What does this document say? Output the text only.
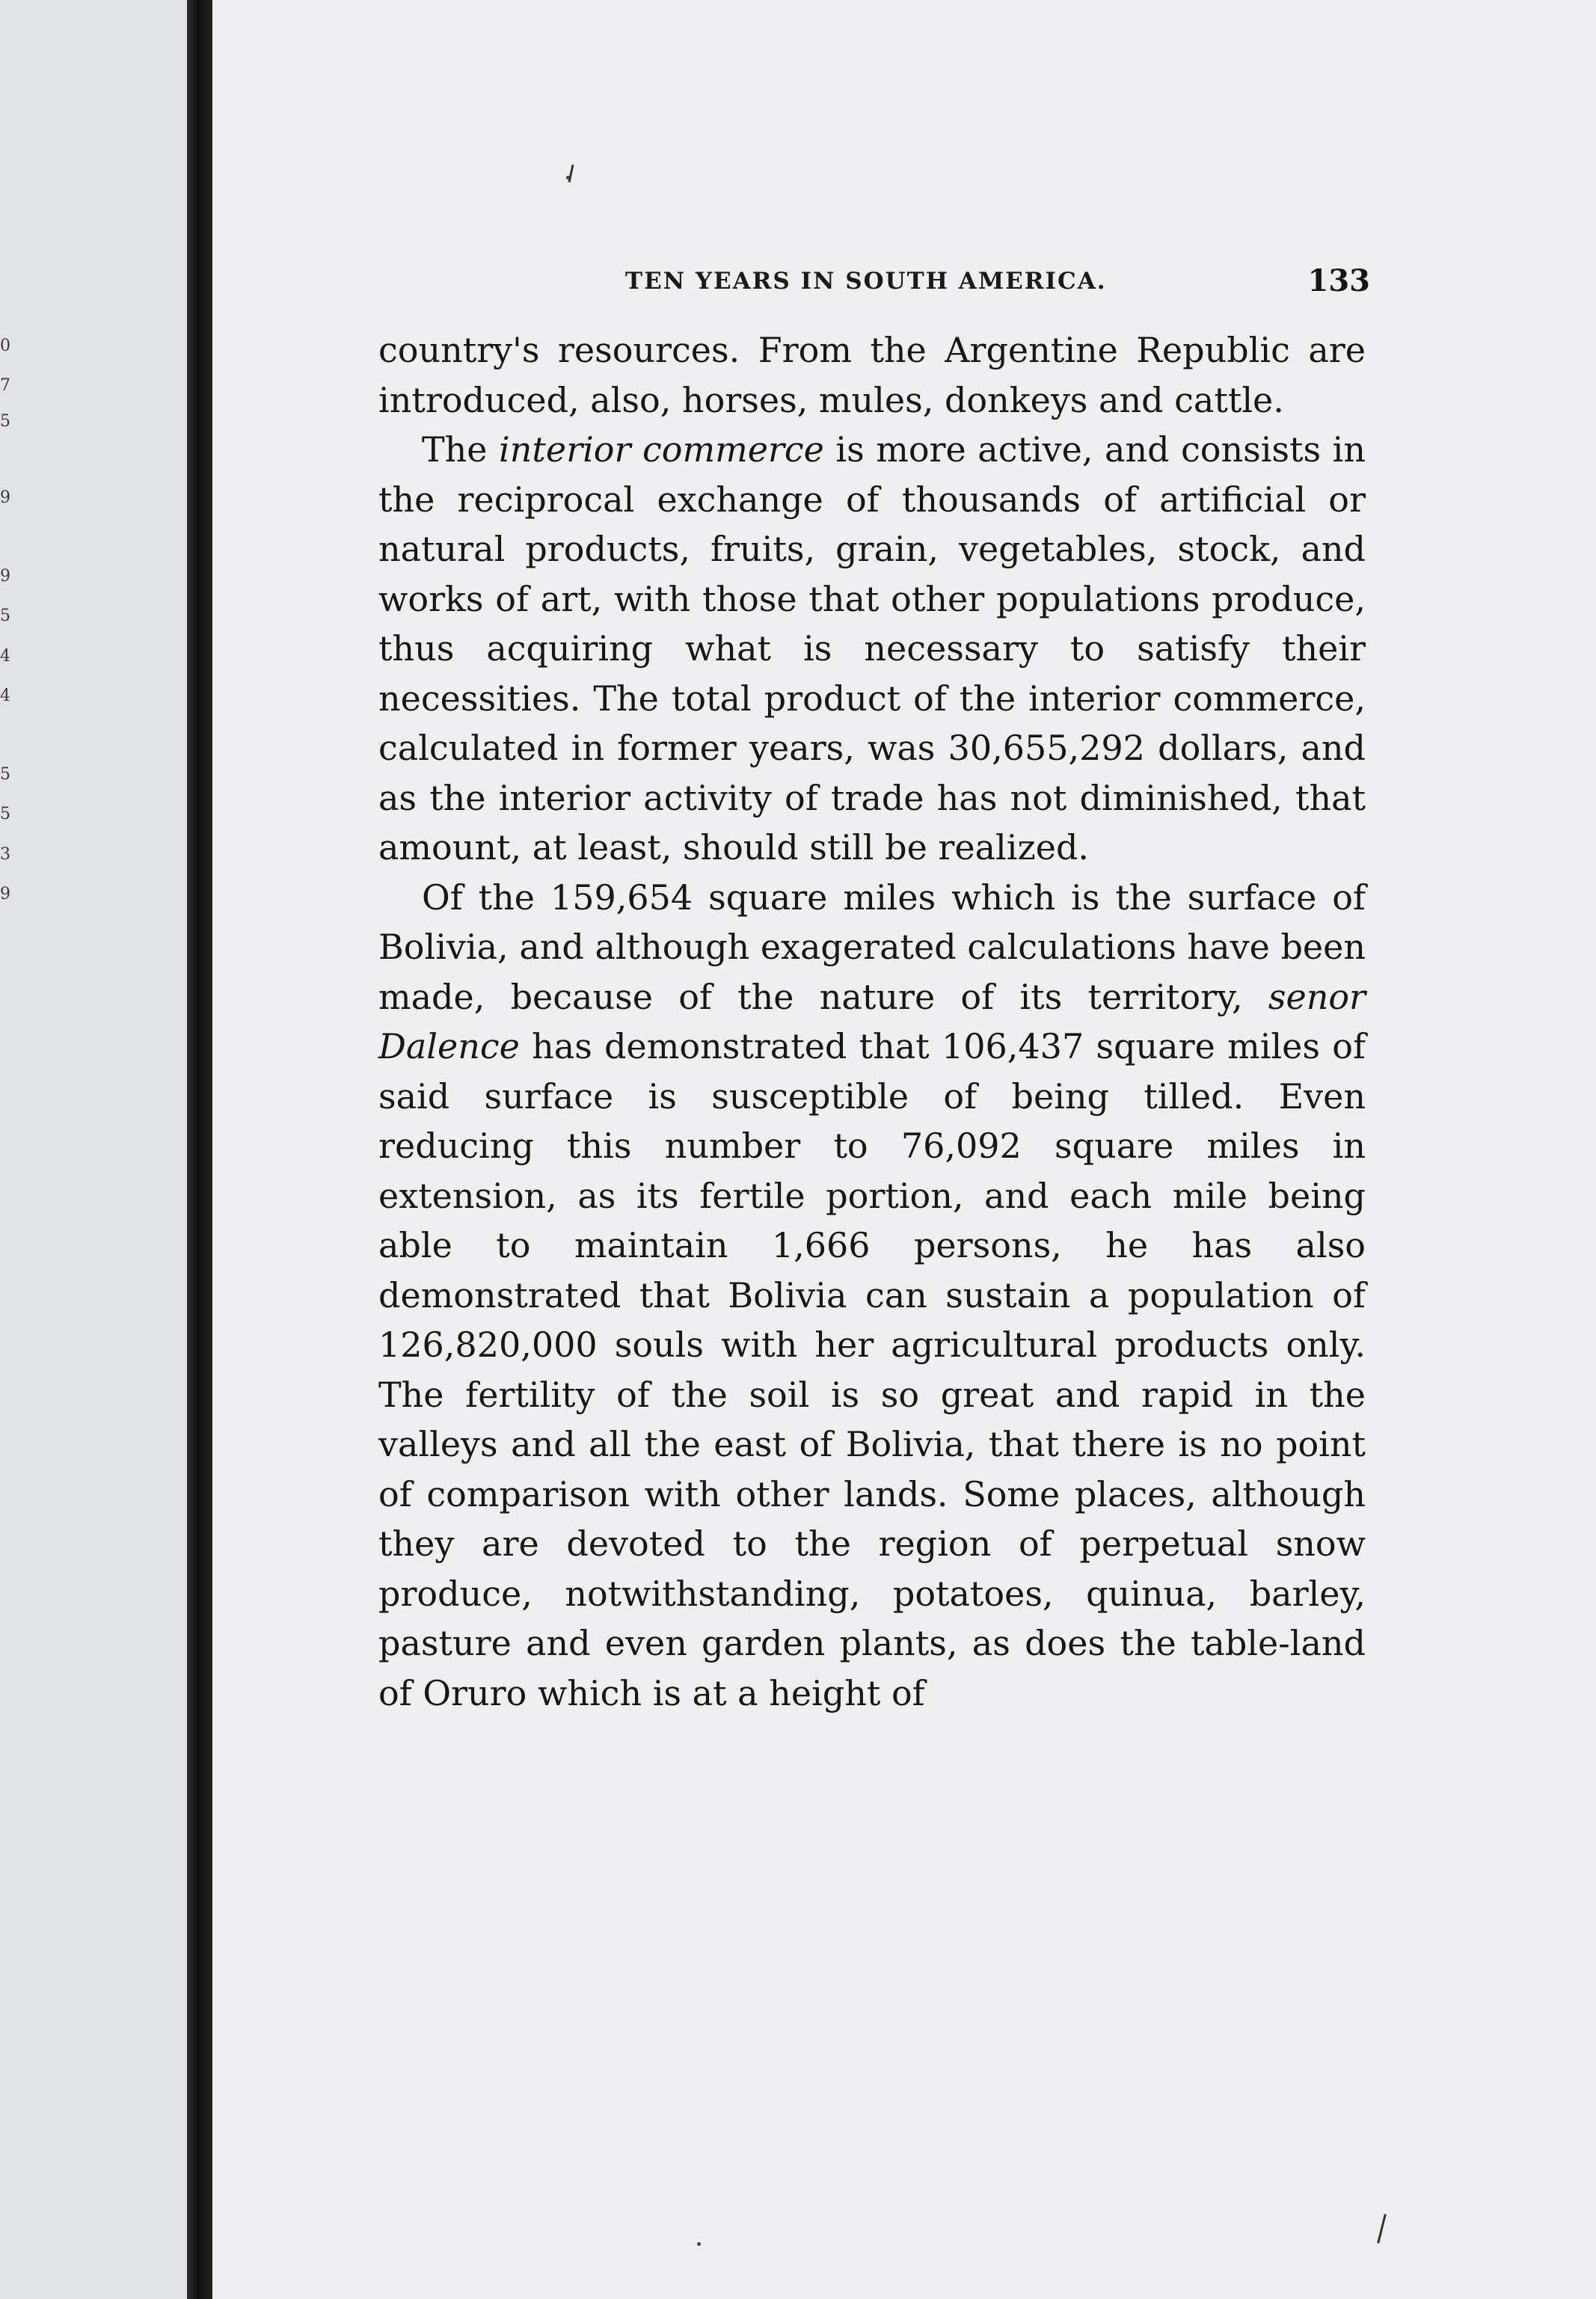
0
7
5
9
9
5
4
4
5
5
3
9
TEN YEARS IN SOUTH AMERICA.	133

country's resources. From the Argentine Republic are introduced, also, horses, mules, donkeys and cattle.

The interior commerce is more active, and consists in the reciprocal exchange of thousands of artificial or natural products, fruits, grain, vegetables, stock, and works of art, with those that other populations produce, thus acquiring what is necessary to satisfy their necessities. The total product of the interior commerce, calculated in former years, was 30,655,292 dollars, and as the interior activity of trade has not diminished, that amount, at least, should still be realized.

Of the 159,654 square miles which is the surface of Bolivia, and although exagerated calculations have been made, because of the nature of its territory, senor Dalence has demonstrated that 106,437 square miles of said surface is susceptible of being tilled. Even reducing this number to 76,092 square miles in extension, as its fertile portion, and each mile being able to maintain 1,666 persons, he has also demonstrated that Bolivia can sustain a population of 126,820,000 souls with her agricultural products only. The fertility of the soil is so great and rapid in the valleys and all the east of Bolivia, that there is no point of comparison with other lands. Some places, although they are devoted to the region of perpetual snow produce, notwithstanding, potatoes, quinua, barley, pasture and even garden plants, as does the table-land of Oruro which is at a height of
